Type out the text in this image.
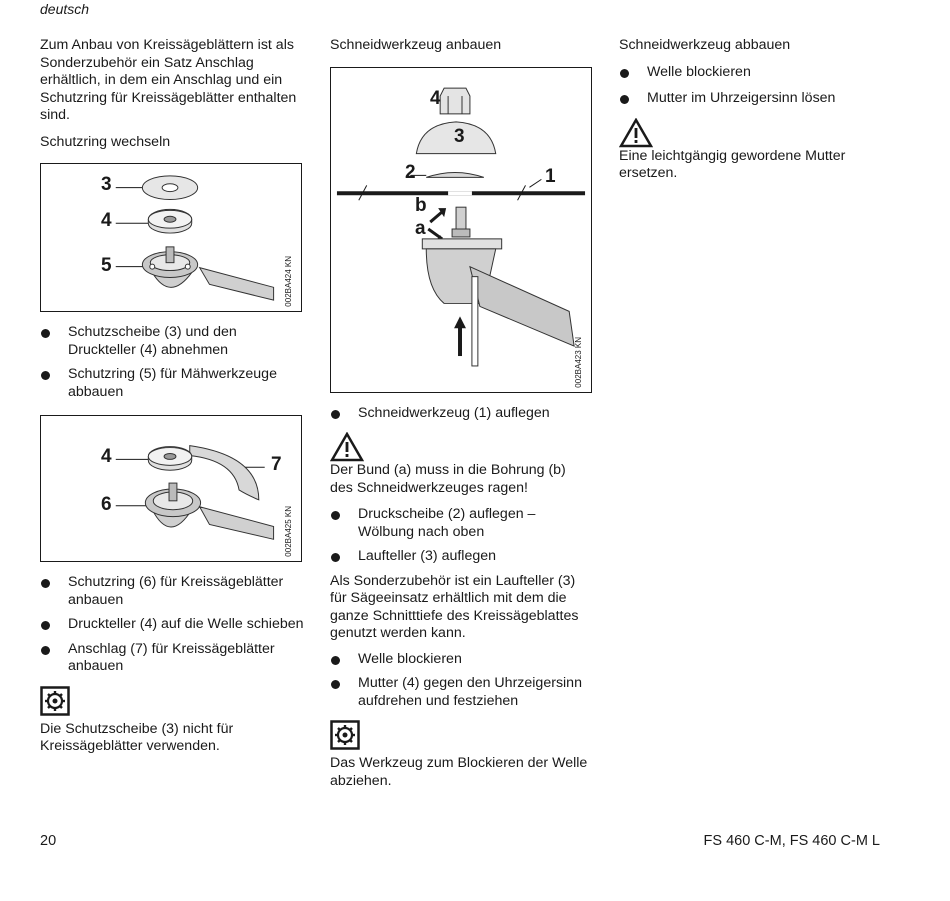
deutsch

Zum Anbau von Kreissägeblättern ist als Sonderzubehör ein Satz Anschlag erhältlich, in dem ein Anschlag und ein Schutzring für Kreissägeblätter enthalten sind.

Schutzring wechseln
3
4
5	002BA424 KN
Schutzscheibe (3) und den Druckteller (4) abnehmen
Schutzring (5) für Mähwerkzeuge abbauen
4
6
7
002BA425 KN
Schutzring (6) für Kreissägeblätter anbauen
Druckteller (4) auf die Welle schieben
Anschlag (7) für Kreissägeblätter anbauen

Die Schutzscheibe (3) nicht für Kreissägeblätter verwenden.

Schneidwerkzeug anbauen
4
3
2	1
b
a
002BA423 KN
Schneidwerkzeug (1) auflegen

Der Bund (a) muss in die Bohrung (b) des Schneidwerkzeuges ragen!

Druckscheibe (2) auflegen – Wölbung nach oben
Laufteller (3) auflegen

Als Sonderzubehör ist ein Laufteller (3) für Sägeeinsatz erhältlich mit dem die ganze Schnitttiefe des Kreissägeblattes genutzt werden kann.

Welle blockieren
Mutter (4) gegen den Uhrzeigersinn aufdrehen und festziehen

Das Werkzeug zum Blockieren der Welle abziehen.

Schneidwerkzeug abbauen
Welle blockieren
Mutter im Uhrzeigersinn lösen

Eine leichtgängig gewordene Mutter ersetzen.

20	FS 460 C-M, FS 460 C-M L
